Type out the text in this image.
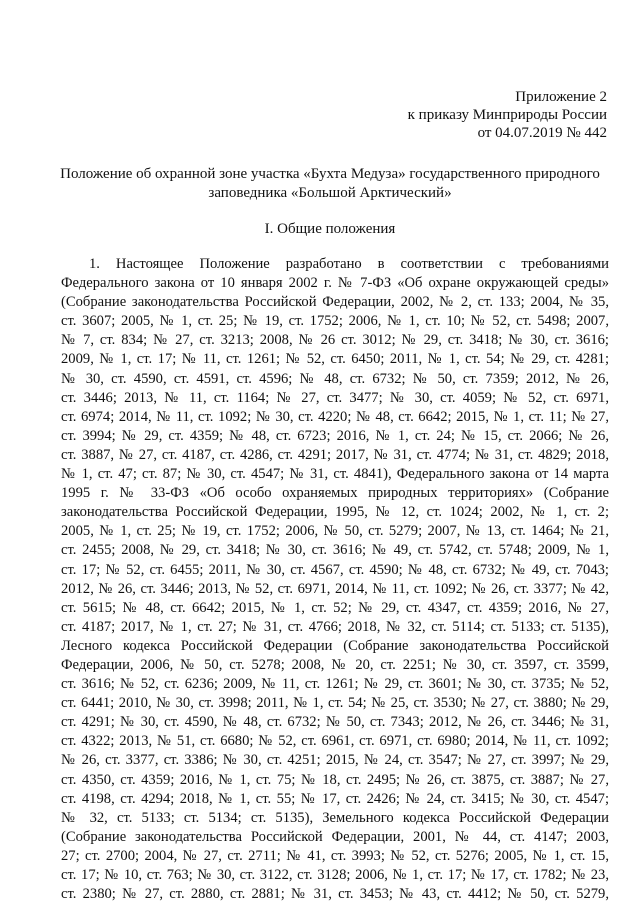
Приложение 2
к приказу Минприроды России
от 04.07.2019 № 442
Положение об охранной зоне участка «Бухта Медуза» государственного природного
заповедника «Большой Арктический»
I. Общие положения
1. Настоящее Положение разработано в соответствии с требованиями
Федерального закона от 10 января 2002 г. № 7-ФЗ «Об охране окружающей среды»
(Собрание законодательства Российской Федерации, 2002, № 2, ст. 133; 2004, № 35,
ст. 3607; 2005, № 1, ст. 25; № 19, ст. 1752; 2006, № 1, ст. 10; № 52, ст. 5498; 2007,
№ 7, ст. 834; № 27, ст. 3213; 2008, № 26 ст. 3012; № 29, ст. 3418; № 30, ст. 3616;
2009, № 1, ст. 17; № 11, ст. 1261; № 52, ст. 6450; 2011, № 1, ст. 54; № 29, ст. 4281;
№ 30, ст. 4590, ст. 4591, ст. 4596; № 48, ст. 6732; № 50, ст. 7359; 2012, № 26,
ст. 3446; 2013, № 11, ст. 1164; № 27, ст. 3477; № 30, ст. 4059; № 52, ст. 6971,
ст. 6974; 2014, № 11, ст. 1092; № 30, ст. 4220; № 48, ст. 6642; 2015, № 1, ст. 11; № 27,
ст. 3994; № 29, ст. 4359; № 48, ст. 6723; 2016, № 1, ст. 24; № 15, ст. 2066; № 26,
ст. 3887, № 27, ст. 4187, ст. 4286, ст. 4291; 2017, № 31, ст. 4774; № 31, ст. 4829; 2018,
№ 1, ст. 47; ст. 87; № 30, ст. 4547; № 31, ст. 4841), Федерального закона от 14 марта
1995 г. № 33-ФЗ «Об особо охраняемых природных территориях» (Собрание
законодательства Российской Федерации, 1995, № 12, ст. 1024; 2002, № 1, ст. 2;
2005, № 1, ст. 25; № 19, ст. 1752; 2006, № 50, ст. 5279; 2007, № 13, ст. 1464; № 21,
ст. 2455; 2008, № 29, ст. 3418; № 30, ст. 3616; № 49, ст. 5742, ст. 5748; 2009, № 1,
ст. 17; № 52, ст. 6455; 2011, № 30, ст. 4567, ст. 4590; № 48, ст. 6732; № 49, ст. 7043;
2012, № 26, ст. 3446; 2013, № 52, ст. 6971, 2014, № 11, ст. 1092; № 26, ст. 3377; № 42,
ст. 5615; № 48, ст. 6642; 2015, № 1, ст. 52; № 29, ст. 4347, ст. 4359; 2016, № 27,
ст. 4187; 2017, № 1, ст. 27; № 31, ст. 4766; 2018, № 32, ст. 5114; ст. 5133; ст. 5135),
Лесного кодекса Российской Федерации (Собрание законодательства Российской
Федерации, 2006, № 50, ст. 5278; 2008, № 20, ст. 2251; № 30, ст. 3597, ст. 3599,
ст. 3616; № 52, ст. 6236; 2009, № 11, ст. 1261; № 29, ст. 3601; № 30, ст. 3735; № 52,
ст. 6441; 2010, № 30, ст. 3998; 2011, № 1, ст. 54; № 25, ст. 3530; № 27, ст. 3880; № 29,
ст. 4291; № 30, ст. 4590, № 48, ст. 6732; № 50, ст. 7343; 2012, № 26, ст. 3446; № 31,
ст. 4322; 2013, № 51, ст. 6680; № 52, ст. 6961, ст. 6971, ст. 6980; 2014, № 11, ст. 1092;
№ 26, ст. 3377, ст. 3386; № 30, ст. 4251; 2015, № 24, ст. 3547; № 27, ст. 3997; № 29,
ст. 4350, ст. 4359; 2016, № 1, ст. 75; № 18, ст. 2495; № 26, ст. 3875, ст. 3887; № 27,
ст. 4198, ст. 4294; 2018, № 1, ст. 55; № 17, ст. 2426; № 24, ст. 3415; № 30, ст. 4547;
№ 32, ст. 5133; ст. 5134; ст. 5135), Земельного кодекса Российской Федерации
(Собрание законодательства Российской Федерации, 2001, № 44, ст. 4147; 2003,
27; ст. 2700; 2004, № 27, ст. 2711; № 41, ст. 3993; № 52, ст. 5276; 2005, № 1, ст. 15,
ст. 17; № 10, ст. 763; № 30, ст. 3122, ст. 3128; 2006, № 1, ст. 17; № 17, ст. 1782; № 23,
ст. 2380; № 27, ст. 2880, ст. 2881; № 31, ст. 3453; № 43, ст. 4412; № 50, ст. 5279,
